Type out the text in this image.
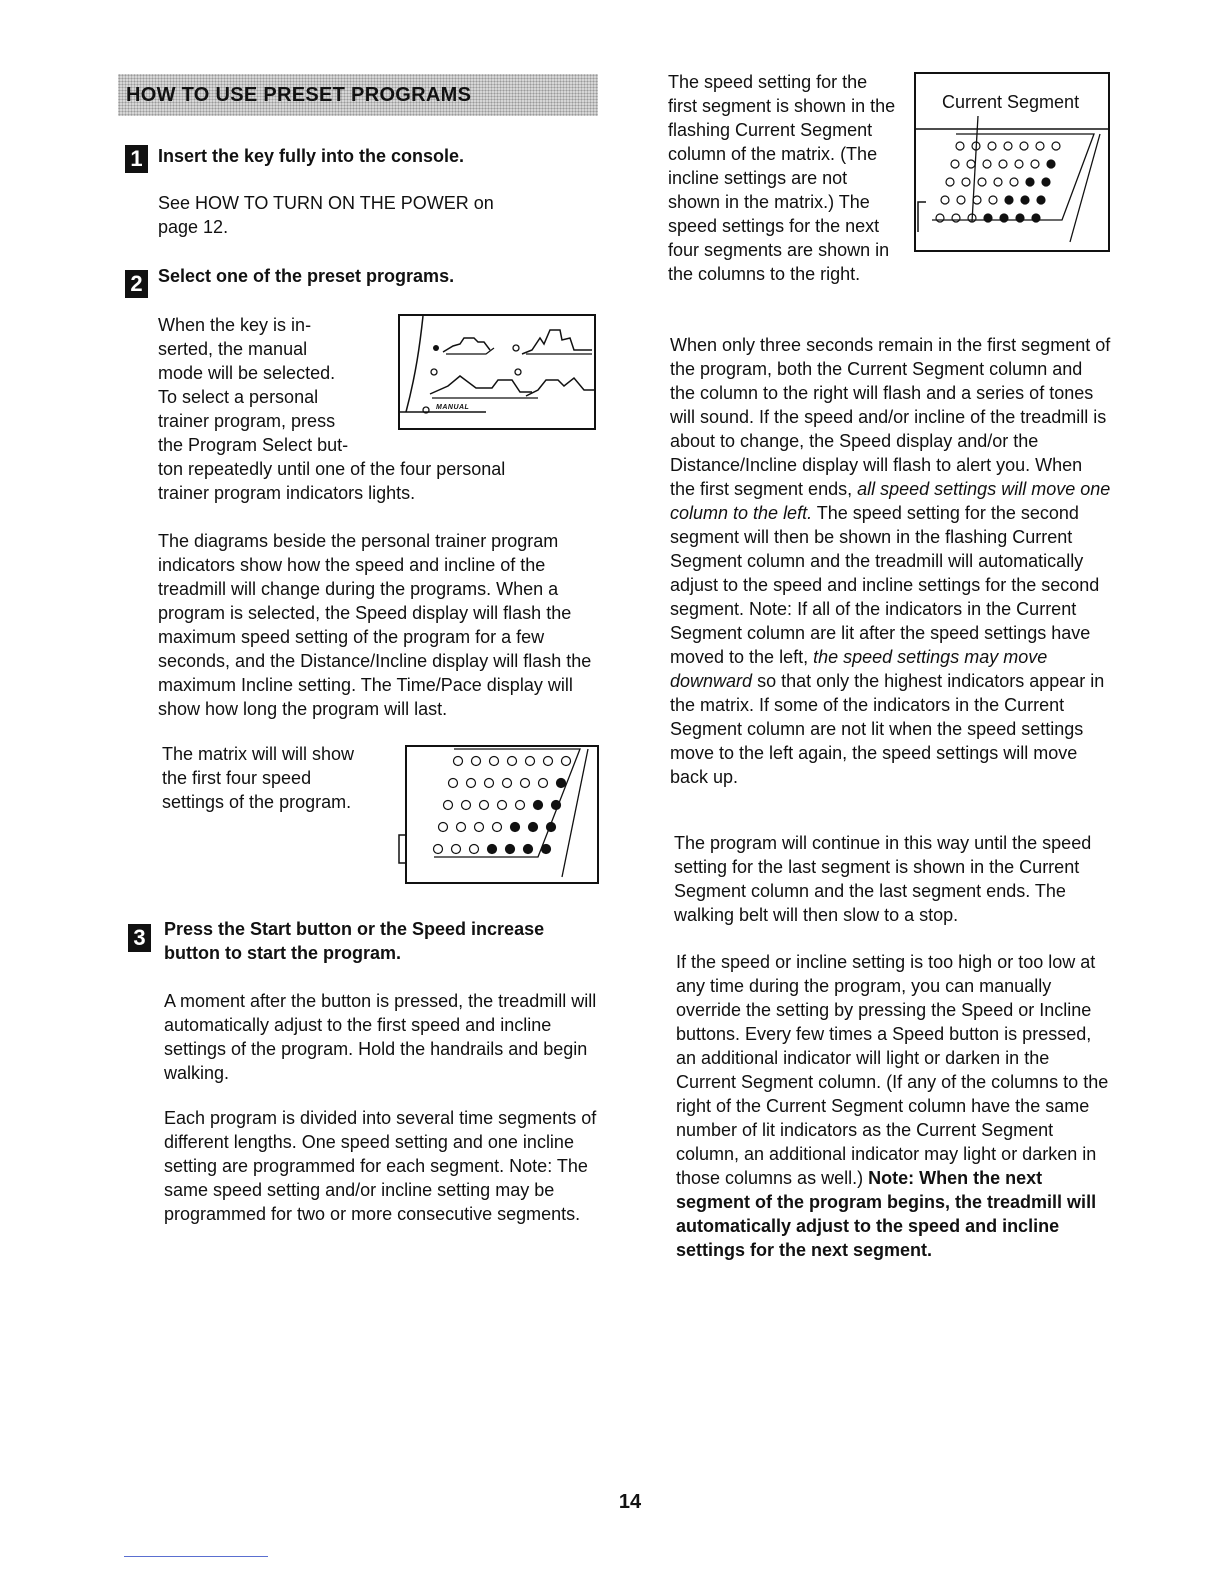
HOW TO USE PRESET PROGRAMS
1 Insert the key fully into the console.

See HOW TO TURN ON THE POWER on page 12.

2 Select one of the preset programs.
When the key is in-
serted, the manual
mode will be selected.
To select a personal
trainer program, press
the Program Select but-

ton repeatedly until one of the four personal trainer program indicators lights.

MANUAL

The diagrams beside the personal trainer program indicators show how the speed and incline of the treadmill will change during the programs. When a program is selected, the Speed display will flash the maximum speed setting of the program for a few seconds, and the Distance/Incline display will flash the maximum Incline setting. The Time/Pace display will show how long the program will last.

The matrix will will show the first four speed settings of the program.

3 Press the Start button or the Speed increase button to start the program.

A moment after the button is pressed, the treadmill will automatically adjust to the first speed and incline settings of the program. Hold the handrails and begin walking.

Each program is divided into several time segments of different lengths. One speed setting and one incline setting are programmed for each segment. Note: The same speed setting and/or incline setting may be programmed for two or more consecutive segments.

The speed setting for the first segment is shown in the flashing Current Segment column of the matrix. (The incline settings are not shown in the matrix.) The speed settings for the next four segments are shown in the columns to the right.

Current Segment
When only three seconds remain in the first segment of the program, both the Current Segment column and the column to the right will flash and a series of tones will sound. If the speed and/or incline of the treadmill is about to change, the Speed display and/or the Distance/Incline display will flash to alert you. When the first segment ends, all speed settings will move one column to the left. The speed setting for the second segment will then be shown in the flashing Current Segment column and the treadmill will automatically adjust to the speed and incline settings for the second segment. Note: If all of the indicators in the Current Segment column are lit after the speed settings have moved to the left, the speed settings may move downward so that only the highest indicators appear in the matrix. If some of the indicators in the Current Segment column are not lit when the speed settings move to the left again, the speed settings will move back up.

The program will continue in this way until the speed setting for the last segment is shown in the Current Segment column and the last segment ends. The walking belt will then slow to a stop.

If the speed or incline setting is too high or too low at any time during the program, you can manually override the setting by pressing the Speed or Incline buttons. Every few times a Speed button is pressed, an additional indicator will light or darken in the Current Segment column. (If any of the columns to the right of the Current Segment column have the same number of lit indicators as the Current Segment column, an additional indicator may light or darken in those columns as well.) Note: When the next segment of the program begins, the treadmill will automatically adjust to the speed and incline settings for the next segment.
14
